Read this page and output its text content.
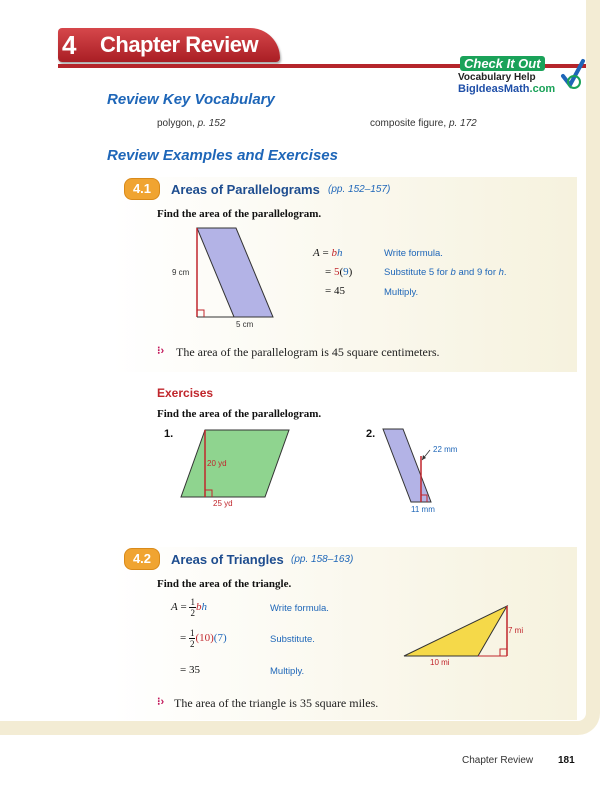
4 Chapter Review
Check It Out
Vocabulary Help
BigIdeasMath.com
Review Key Vocabulary
polygon, p. 152	composite figure, p. 172
Review Examples and Exercises
4.1	Areas of Parallelograms (pp. 152–157)
Find the area of the parallelogram.
9 cm
5 cm
A = bh	Write formula.
= 5(9)	Substitute 5 for b and 9 for h.
= 45	Multiply.
⁝› The area of the parallelogram is 45 square centimeters.
Exercises
Find the area of the parallelogram.
1.
20 yd
25 yd
2.
22 mm
11 mm
4.2	Areas of Triangles (pp. 158–163)
Find the area of the triangle.
$A = \frac{1}{2}$ bh	Write formula.
= $\frac{1}{2} (10)(7)$	Substitute.
= 35	Multiply.
7 mi
10 mi
⁝› The area of the triangle is 35 square miles.
Chapter Review 181
